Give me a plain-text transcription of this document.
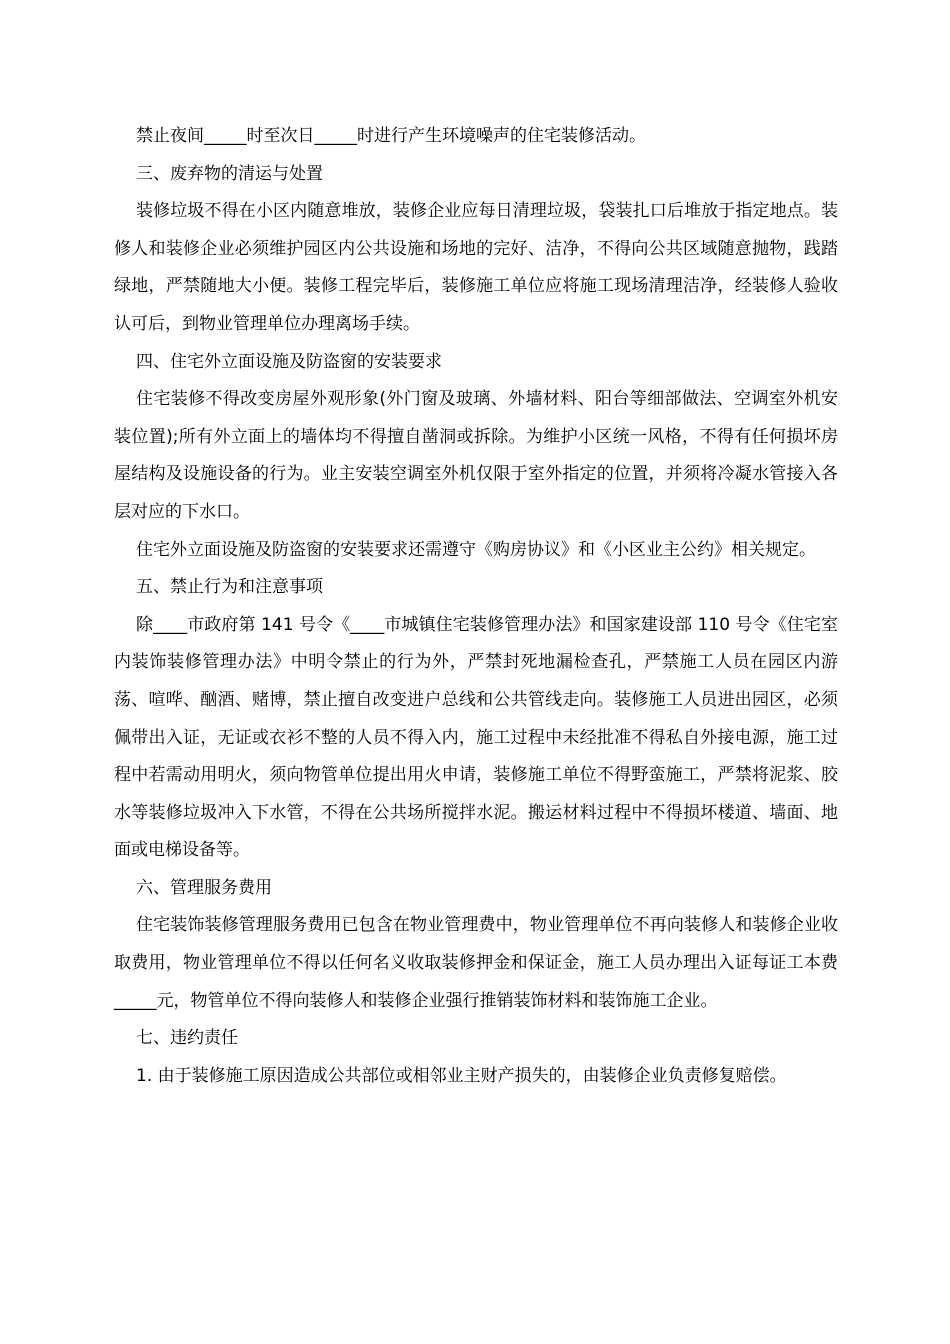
禁止夜间_____时至次日_____时进行产生环境噪声的住宅装修活动。

三、废弃物的清运与处置

装修垃圾不得在小区内随意堆放，装修企业应每日清理垃圾，袋装扎口后堆放于指定地点。装修人和装修企业必须维护园区内公共设施和场地的完好、洁净，不得向公共区域随意抛物，践踏绿地，严禁随地大小便。装修工程完毕后，装修施工单位应将施工现场清理洁净，经装修人验收认可后，到物业管理单位办理离场手续。

四、住宅外立面设施及防盗窗的安装要求

住宅装修不得改变房屋外观形象(外门窗及玻璃、外墙材料、阳台等细部做法、空调室外机安装位置);所有外立面上的墙体均不得擅自凿洞或拆除。为维护小区统一风格，不得有任何损坏房屋结构及设施设备的行为。业主安装空调室外机仅限于室外指定的位置，并须将冷凝水管接入各层对应的下水口。

住宅外立面设施及防盗窗的安装要求还需遵守《购房协议》和《小区业主公约》相关规定。

五、禁止行为和注意事项

除____市政府第 141 号令《____市城镇住宅装修管理办法》和国家建设部 110 号令《住宅室内装饰装修管理办法》中明令禁止的行为外，严禁封死地漏检查孔，严禁施工人员在园区内游荡、喧哗、酗酒、赌博，禁止擅自改变进户总线和公共管线走向。装修施工人员进出园区，必须佩带出入证，无证或衣衫不整的人员不得入内，施工过程中未经批准不得私自外接电源，施工过程中若需动用明火，须向物管单位提出用火申请，装修施工单位不得野蛮施工，严禁将泥浆、胶水等装修垃圾冲入下水管，不得在公共场所搅拌水泥。搬运材料过程中不得损坏楼道、墙面、地面或电梯设备等。

六、管理服务费用

住宅装饰装修管理服务费用已包含在物业管理费中，物业管理单位不再向装修人和装修企业收取费用，物业管理单位不得以任何名义收取装修押金和保证金，施工人员办理出入证每证工本费_____元，物管单位不得向装修人和装修企业强行推销装饰材料和装饰施工企业。

七、违约责任

1. 由于装修施工原因造成公共部位或相邻业主财产损失的，由装修企业负责修复赔偿。
